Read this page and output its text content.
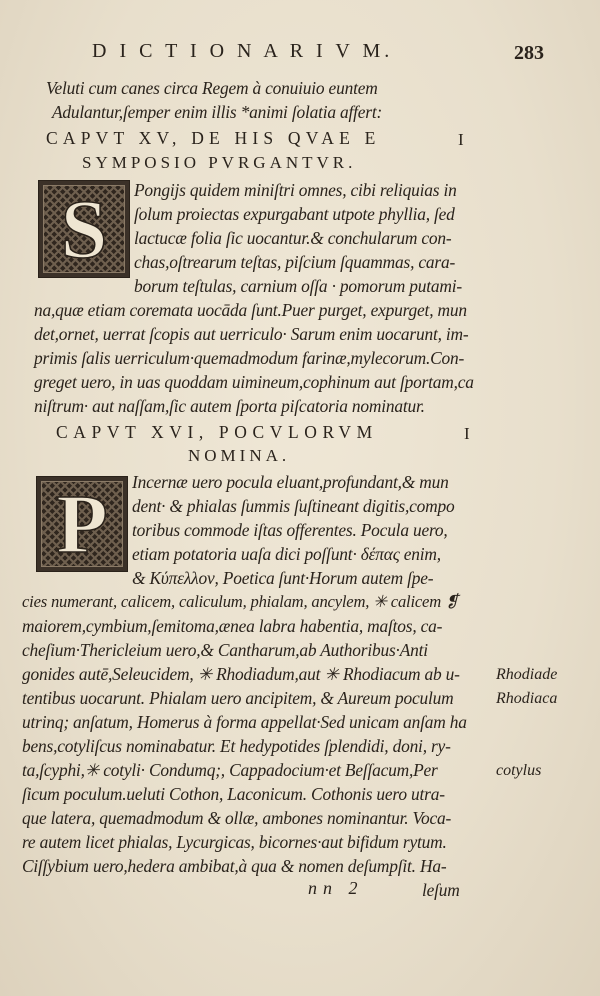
D I C T I O N A R I V M.	283
Veluti cum canes circa Regem à conuiuio euntem
Adulantur,ſemper enim illis *animi ſolatia affert:
CAPVT XV, DE HIS QVAE E	I
SYMPOSIO PVRGANTVR.
S	Pongijs quidem miniſtri omnes, cibi reliquias in
ſolum proiectas expurgabant utpote phyllia, ſed
lactucæ folia ſic uocantur.& conchularum con-
chas,oſtrearum teſtas, piſcium ſquammas, cara-
borum teſtulas, carnium oſſa · pomorum putami-
na,quæ etiam coremata uocāda ſunt.Puer purget, expurget, mun
det,ornet, uerrat ſcopis aut uerriculo· Sarum enim uocarunt, im-
primis ſalis uerriculum·quemadmodum farinæ,mylecorum.Con-
greget uero, in uas quoddam uimineum,cophinum aut ſportam,ca
niſtrum· aut naſſam,ſic autem ſporta piſcatoria nominatur.
CAPVT XVI, POCVLORVM	I
NOMINA.
P	Incernæ uero pocula eluant,profundant,& mun
dent· & phialas ſummis ſuſtineant digitis,compo
toribus commode iſtas offerentes. Pocula uero,
etiam potatoria uaſa dici poſſunt· δέπας enim,
& Κύπελλον, Poetica ſunt·Horum autem ſpe-
cies numerant, calicem, caliculum, phialam, ancylem, ✳ calicem ❡
maiorem,cymbium,ſemitoma,ænea labra habentia, maſtos, ca-
cheſium·Thericleium uero,& Cantharum,ab Authoribus·Anti
gonides autē,Seleucidem, ✳ Rhodiadum,aut ✳ Rhodiacum ab u-
tentibus uocarunt. Phialam uero ancipitem, & Aureum poculum
utrinq; anſatum, Homerus à forma appellat·Sed unicam anſam ha
bens,cotyliſcus nominabatur. Et hedypotides ſplendidi, doni, ry-
ta,ſcyphi,✳ cotyli· Condumq;, Cappadocium·et Beſſacum,Per
ſicum poculum.ueluti Cothon, Laconicum. Cothonis uero utra-
que latera, quemadmodum & ollæ, ambones nominantur. Voca-
re autem licet phialas, Lycurgicas, bicornes·aut bifidum rytum.
Ciſſybium uero,hedera ambibat,à qua & nomen deſumpſit. Ha-
Rhodiade
Rhodiaca
cotylus
nn 2	leſum
